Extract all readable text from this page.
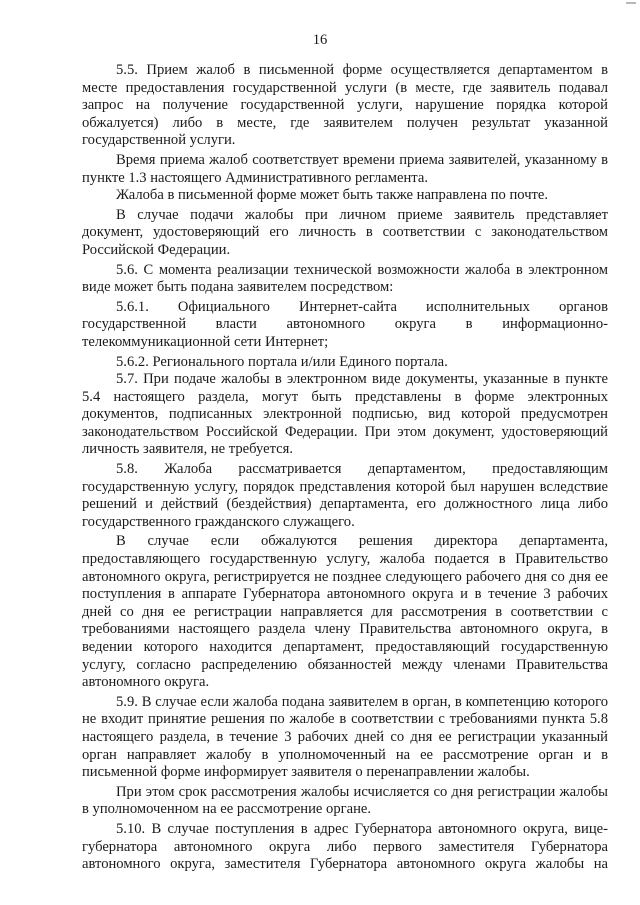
16

5.5. Прием жалоб в письменной форме осуществляется департаментом в месте предоставления государственной услуги (в месте, где заявитель подавал запрос на получение государственной услуги, нарушение порядка которой обжалуется) либо в месте, где заявителем получен результат указанной государственной услуги.

Время приема жалоб соответствует времени приема заявителей, указанному в пункте 1.3 настоящего Административного регламента.

Жалоба в письменной форме может быть также направлена по почте.

В случае подачи жалобы при личном приеме заявитель представляет документ, удостоверяющий его личность в соответствии с законодательством Российской Федерации.

5.6. С момента реализации технической возможности жалоба в электронном виде может быть подана заявителем посредством:

5.6.1. Официального Интернет-сайта исполнительных органов государственной власти автономного округа в информационно-телекоммуникационной сети Интернет;

5.6.2. Регионального портала и/или Единого портала.

5.7. При подаче жалобы в электронном виде документы, указанные в пункте 5.4 настоящего раздела, могут быть представлены в форме электронных документов, подписанных электронной подписью, вид которой предусмотрен законодательством Российской Федерации. При этом документ, удостоверяющий личность заявителя, не требуется.

5.8. Жалоба рассматривается департаментом, предоставляющим государственную услугу, порядок представления которой был нарушен вследствие решений и действий (бездействия) департамента, его должностного лица либо государственного гражданского служащего.

В случае если обжалуются решения директора департамента, предоставляющего государственную услугу, жалоба подается в Правительство автономного округа, регистрируется не позднее следующего рабочего дня со дня ее поступления в аппарате Губернатора автономного округа и в течение 3 рабочих дней со дня ее регистрации направляется для рассмотрения в соответствии с требованиями настоящего раздела члену Правительства автономного округа, в ведении которого находится департамент, предоставляющий государственную услугу, согласно распределению обязанностей между членами Правительства автономного округа.

5.9. В случае если жалоба подана заявителем в орган, в компетенцию которого не входит принятие решения по жалобе в соответствии с требованиями пункта 5.8 настоящего раздела, в течение 3 рабочих дней со дня ее регистрации указанный орган направляет жалобу в уполномоченный на ее рассмотрение орган и в письменной форме информирует заявителя о перенаправлении жалобы.

При этом срок рассмотрения жалобы исчисляется со дня регистрации жалобы в уполномоченном на ее рассмотрение органе.

5.10. В случае поступления в адрес Губернатора автономного округа, вице-губернатора автономного округа либо первого заместителя Губернатора автономного округа, заместителя Губернатора автономного округа жалобы на
